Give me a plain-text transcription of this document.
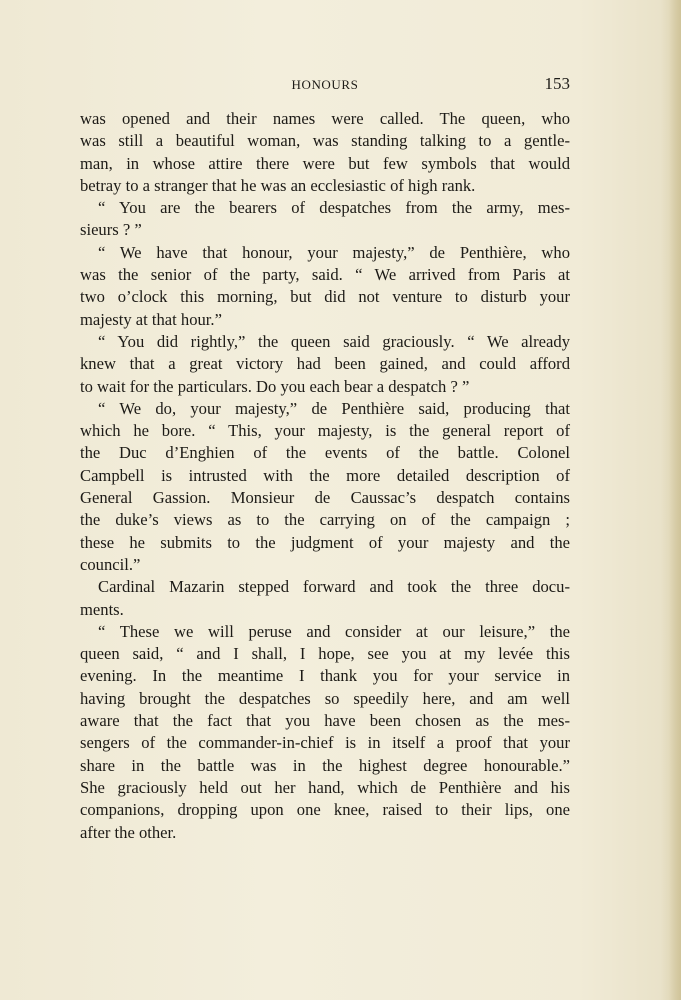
HONOURS	153
was opened and their names were called. The queen, who
was still a beautiful woman, was standing talking to a gentle-
man, in whose attire there were but few symbols that would
betray to a stranger that he was an ecclesiastic of high rank.
“ You are the bearers of despatches from the army, mes-
sieurs ? ”
“ We have that honour, your majesty,” de Penthière, who
was the senior of the party, said. “ We arrived from Paris at
two o’clock this morning, but did not venture to disturb your
majesty at that hour.”
“ You did rightly,” the queen said graciously. “ We already
knew that a great victory had been gained, and could afford
to wait for the particulars. Do you each bear a despatch ? ”
“ We do, your majesty,” de Penthière said, producing that
which he bore. “ This, your majesty, is the general report of
the Duc d’Enghien of the events of the battle. Colonel
Campbell is intrusted with the more detailed description of
General Gassion. Monsieur de Caussac’s despatch contains
the duke’s views as to the carrying on of the campaign ;
these he submits to the judgment of your majesty and the
council.”
Cardinal Mazarin stepped forward and took the three docu-
ments.
“ These we will peruse and consider at our leisure,” the
queen said, “ and I shall, I hope, see you at my levée this
evening. In the meantime I thank you for your service in
having brought the despatches so speedily here, and am well
aware that the fact that you have been chosen as the mes-
sengers of the commander-in-chief is in itself a proof that your
share in the battle was in the highest degree honourable.”
She graciously held out her hand, which de Penthière and his
companions, dropping upon one knee, raised to their lips, one
after the other.
